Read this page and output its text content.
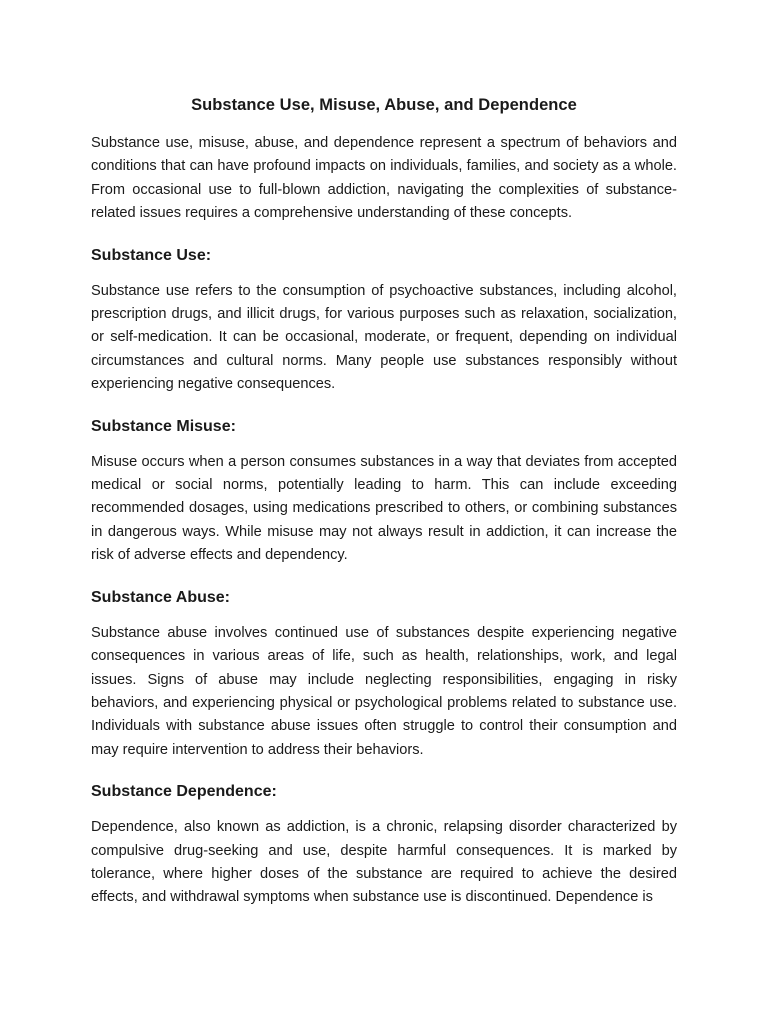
Substance Use, Misuse, Abuse, and Dependence

Substance use, misuse, abuse, and dependence represent a spectrum of behaviors and conditions that can have profound impacts on individuals, families, and society as a whole. From occasional use to full-blown addiction, navigating the complexities of substance-related issues requires a comprehensive understanding of these concepts.

Substance Use:

Substance use refers to the consumption of psychoactive substances, including alcohol, prescription drugs, and illicit drugs, for various purposes such as relaxation, socialization, or self-medication. It can be occasional, moderate, or frequent, depending on individual circumstances and cultural norms. Many people use substances responsibly without experiencing negative consequences.

Substance Misuse:

Misuse occurs when a person consumes substances in a way that deviates from accepted medical or social norms, potentially leading to harm. This can include exceeding recommended dosages, using medications prescribed to others, or combining substances in dangerous ways. While misuse may not always result in addiction, it can increase the risk of adverse effects and dependency.

Substance Abuse:

Substance abuse involves continued use of substances despite experiencing negative consequences in various areas of life, such as health, relationships, work, and legal issues. Signs of abuse may include neglecting responsibilities, engaging in risky behaviors, and experiencing physical or psychological problems related to substance use. Individuals with substance abuse issues often struggle to control their consumption and may require intervention to address their behaviors.

Substance Dependence:

Dependence, also known as addiction, is a chronic, relapsing disorder characterized by compulsive drug-seeking and use, despite harmful consequences. It is marked by tolerance, where higher doses of the substance are required to achieve the desired effects, and withdrawal symptoms when substance use is discontinued. Dependence is
